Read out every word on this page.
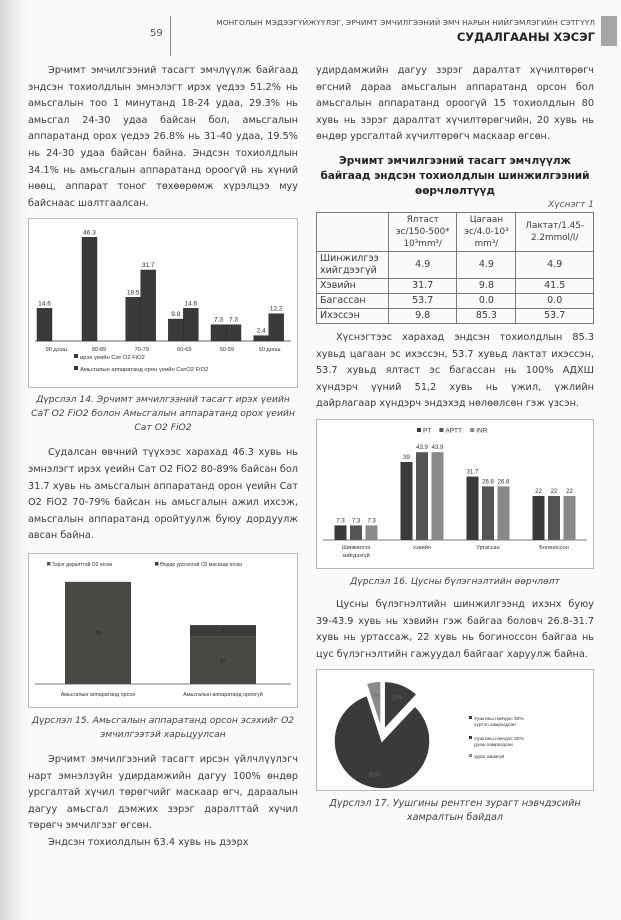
59
МОНГОЛЫН МЭДЭЭГҮЙЖҮҮЛЭГ, ЭРЧИМТ ЭМЧИЛГЭЭНИЙ ЭМЧ НАРЫН НИЙГЭМЛЭГИЙН СЭТГҮҮЛ
СУДАЛГААНЫ ХЭСЭГ

Эрчимт эмчилгээний тасагт эмчлүүлж байгаад эндсэн тохиолдлын эмнэлэгт ирэх үедээ 51.2% нь амьсгалын тоо 1 минутанд 18-24 удаа, 29.3% нь амьсгал 24-30 удаа байсан бол, амьсгалын аппаратанд орох үедээ 26.8% нь 31-40 удаа, 19.5% нь 24-30 удаа байсан байна. Эндсэн тохиолдлын 34.1% нь амьсгалын аппаратанд ороогүй нь хүний нөөц, аппарат тоног төхөөрөмж хүрэлцээ муу байснаас шалтгаалсан.

14.6
90 дээш
46.3
80-89
19.5
31.7
70-79
9.8
14.6
60-69
7.3 7.3
50-59
2.4
12.2
50 доош
ирэх үеийн Сат О2 FiO2
Амьсгалын аппаратанд орон үеийн СатО2 FiO2

Дүрслэл 14. Эрчимт эмчилгээний тасагт ирэх үеийн СаТ О2 FiO2 болон Амьсгалын аппаратанд орох үеийн Сат О2 FiO2

Судалсан өвчний түүхээс харахад 46.3 хувь нь эмнэлэгт ирэх үеийн Сат О2 FiO2 80-89% байсан бол 31.7 хувь нь амьсгалын аппаратанд орон үеийн Сат О2 FiO2 70-79% байсан нь амьсгалын ажил ихсэж, амьсгалын аппаратанд оройтуулж буюу дордуулж авсан байна.

Зэрэг даралттай О2 өгсөн	Өндөр урсгалтай О2 маскаар өгсөн
26
Амьсгалын аппаратанд орсон
12
3
Амьсгалын аппаратанд ороогүй

Дүрслэл 15. Амьсгалын аппаратанд орсон эсэхийг О2 эмчилгээтэй харьцуулсан

Эрчимт эмчилгээний тасагт ирсэн үйлчлүүлэгч нарт эмнэлзүйн удирдамжийн дагуу 100% өндөр урсгалтай хүчил төрөгчийг маскаар өгч, дараалын дагуу амьсгал дэмжих зэрэг даралттай хүчил төрөгч эмчилгээг өгсөн.

Эндсэн тохиолдлын 63.4 хувь нь дээрх

удирдамжийн дагуу зэрэг даралтат хүчилтөрөгч өгсний дараа амьсгалын аппаратанд орсон бол амьсгалын аппаратанд ороогүй 15 тохиолдлын 80 хувь нь зэрэг даралтат хүчилтөрөгчийн, 20 хувь нь өндөр урсгалтай хүчилтөрөгч маскаар өгсөн.

Эрчимт эмчилгээний тасагт эмчлүүлж байгаад эндсэн тохиолдлын шинжилгээний өөрчлөлтүүд

Хүснэгт 1

	Ялтаст эс/150-500* 10³mm³/	Цагаан эс/4.0-10³ mm³/	Лактат/1.45-2.2mmol/l/
Шинжилгээ хийгдээгүй	4.9	4.9	4.9
Хэвийн	31.7	9.8	41.5
Багассан	53.7	0.0	0.0
Ихэссэн	9.8	85.3	53.7

Хүснэгтээс харахад эндсэн тохиолдлын 85.3 хувьд цагаан эс ихэссэн, 53.7 хувьд лактат ихэссэн, 53.7 хувьд ялтаст эс багассан нь 100% АДХШ хүндэрч үүний 51,2 хувь нь үжил, үжлийн дайрлагаар хүндэрч эндэхэд нөлөөлсөн гэж үзсэн.

PT APTT INR
7.3 7.3 7.3
Шинжилгээ
хийгдээгүй
39
43.9 43.9
хэвийн
31.7
26.8 26.8
Уртассан
22 22 22
Богиноссон

Дүрслэл 16. Цусны бүлэгнэлтийн өөрчлөлт

Цусны бүлэгнэлтийн шинжилгээнд ихэнх буюу 39-43.9 хувь нь хэвийн гэж байгаа боловч 26.8-31.7 хувь нь уртассаж, 22 хувь нь богиноссон байгаа нь цус бүлэгнэлтийн гажуудал байгааг харуулж байна.

12%
83%
5%
Уушгины нэвчдэс 50%
хүртэл хамрагдсан
Уушгины нэвчдэс 50%
дээш хамрагдсан
зураг аваагүй

Дүрслэл 17. Уушгины рентген зурагт нэвчдэсийн хамралтын байдал
